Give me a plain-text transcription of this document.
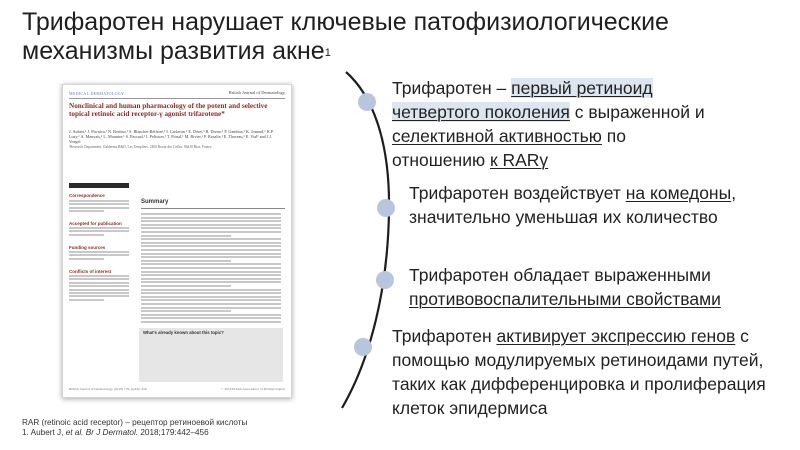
Трифаротен нарушает ключевые патофизиологические механизмы развития акне$^1$
MEDICAL DERMATOLOGY	British Journal of Dermatology
Nonclinical and human pharmacology of the potent and selective topical retinoic acid receptor-γ agonist trifarotene*
J. Aubert,¹ J. Piwnica,¹ N. Bertino,¹ S. Blanchet-Réthoré,¹ I. Carlavan,¹ E. Déret,¹ B. Dreno,¹ F. Gamboa,¹ K. Jomard,¹ K.P. Luzy,¹ A. Mauvais,¹ L. Mounier,¹ S. Pascual,¹ I. Pelisson,¹ T. Portal,¹ M. Rivier,¹ P. Rosalie,¹ E. Thoreau,¹ E. Vial¹ and J.J. Voegel
¹Research Department, Galderma R&D, Les Templiers, 2400 Route des Colles, 06410 Biot, France
Correspondence
Accepted for publication
Funding sources
Conflicts of interest
Summary
What's already known about this topic?
British Journal of Dermatology (2018) 179, pp442–456	© 2018 British Association of Dermatologists
RAR (retinoic acid receptor) – рецептор ретиноевой кислоты
1. Aubert J, et al. Br J Dermatol. 2018;179:442–456
Трифаротен – первый ретиноид четвертого поколения с выраженной и селективной активностью по отношению к RARγ
Трифаротен воздействует на комедоны, значительно уменьшая их количество
Трифаротен обладает выраженными противовоспалительными свойствами
Трифаротен активирует экспрессию генов с помощью модулируемых ретиноидами путей, таких как дифференцировка и пролиферация клеток эпидермиса
